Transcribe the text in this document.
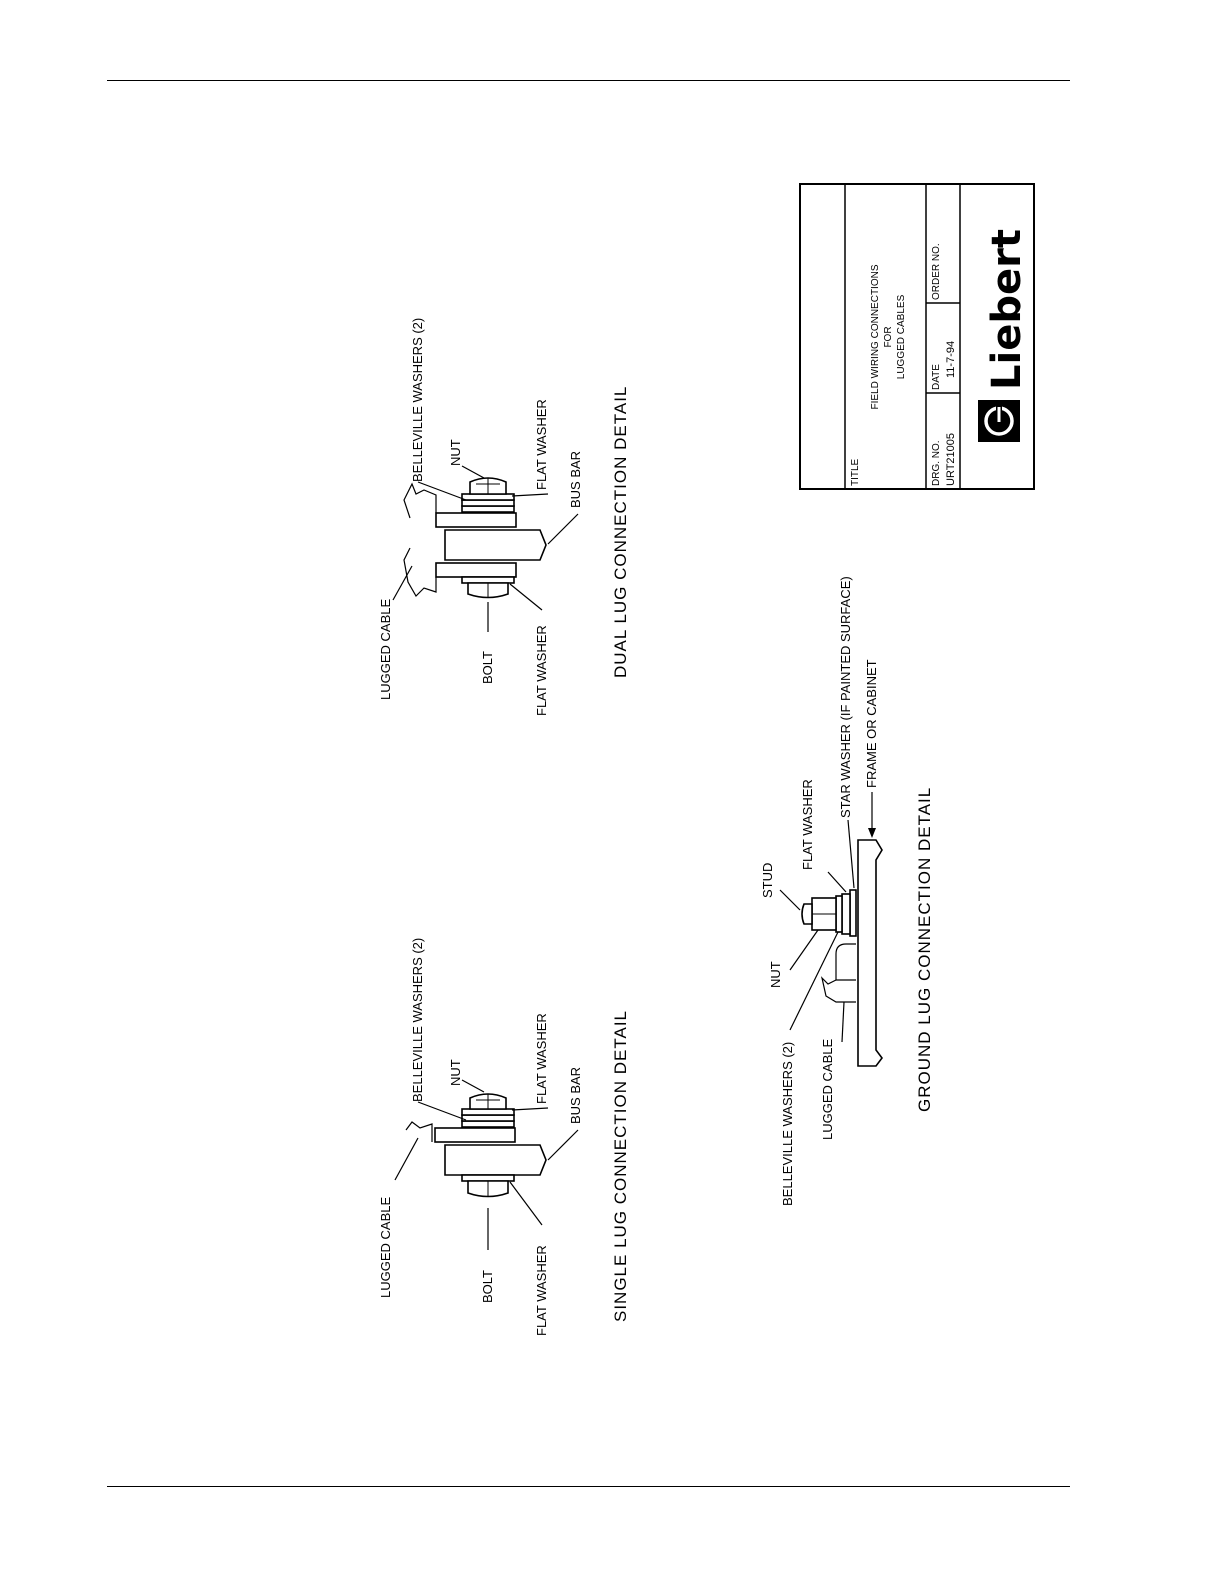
LUGGED CABLE	BOLT	FLAT WASHER
BELLEVILLE WASHERS (2) NUT	FLAT WASHER BUS BAR SINGLE LUG CONNECTION DETAIL
LUGGED CABLE	BOLT	FLAT WASHER
BELLEVILLE WASHERS (2) NUT	FLAT WASHER BUS BAR DUAL LUG CONNECTION DETAIL
BELLEVILLE WASHERS (2) LUGGED CABLE
NUT
STUD
FLAT WASHER
STAR WASHER (IF PAINTED SURFACE) FRAME OR CABINET
GROUND LUG CONNECTION DETAIL
TITLE
FIELD WIRING CONNECTIONS FOR LUGGED CABLES
DRG. NO. URT21005
DATE 11-7-94
ORDER NO. Liebert
